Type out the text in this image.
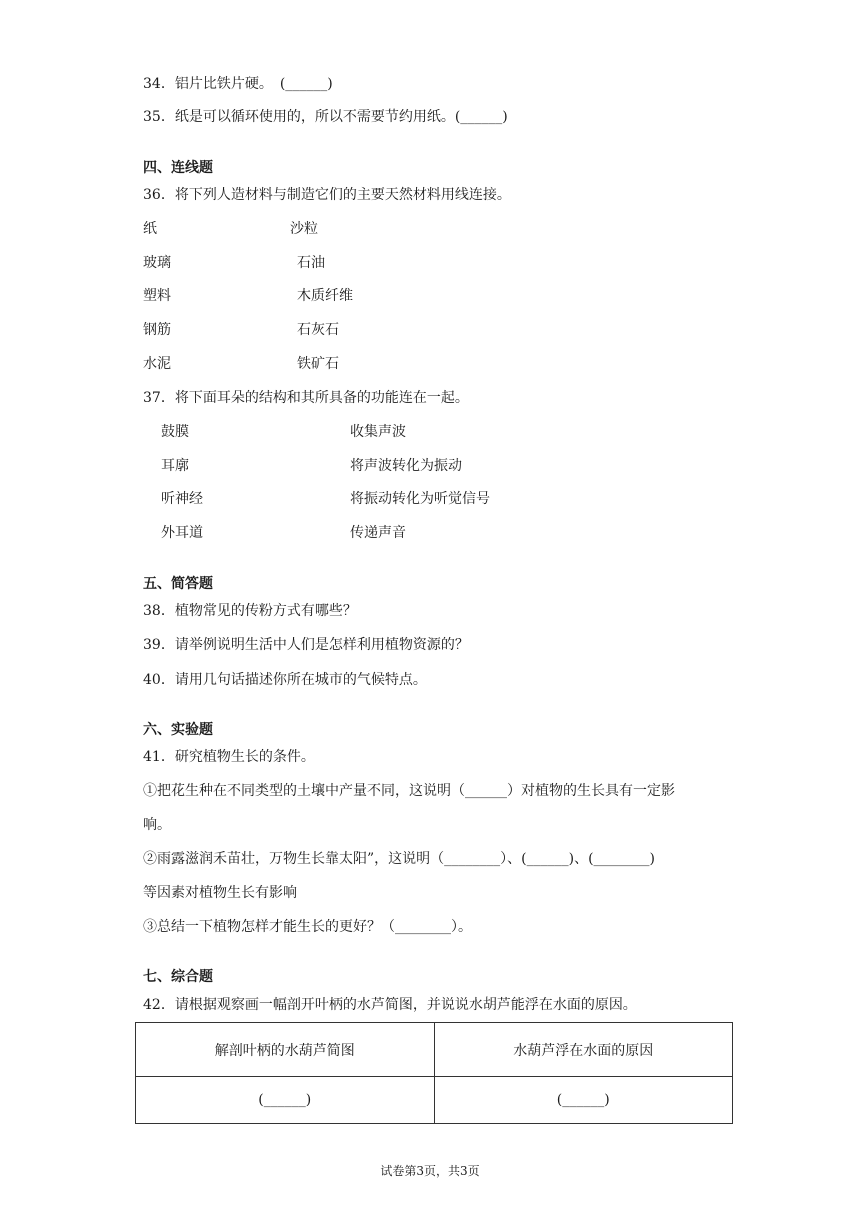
34．铝片比铁片硬。　(______)
35．纸是可以循环使用的，所以不需要节约用纸。(______)
四、连线题
36．将下列人造材料与制造它们的主要天然材料用线连接。
纸	沙粒
玻璃	石油
塑料	木质纤维
钢筋	石灰石
水泥	铁矿石
37．将下面耳朵的结构和其所具备的功能连在一起。
鼓膜	收集声波
耳廓	将声波转化为振动
听神经	将振动转化为听觉信号
外耳道	传递声音
五、简答题
38．植物常见的传粉方式有哪些？
39．请举例说明生活中人们是怎样利用植物资源的？
40．请用几句话描述你所在城市的气候特点。
六、实验题
41．研究植物生长的条件。
①把花生种在不同类型的土壤中产量不同，这说明（______）对植物的生长具有一定影
响。
②雨露滋润禾苗壮，万物生长靠太阳”，这说明（________）、(______)、(________)
等因素对植物生长有影响
③总结一下植物怎样才能生长的更好？（________）。
七、综合题
42．请根据观察画一幅剖开叶柄的水芦简图，并说说水胡芦能浮在水面的原因。
解剖叶柄的水葫芦简图	水葫芦浮在水面的原因
(______)	(______)
试卷第3页，共3页
